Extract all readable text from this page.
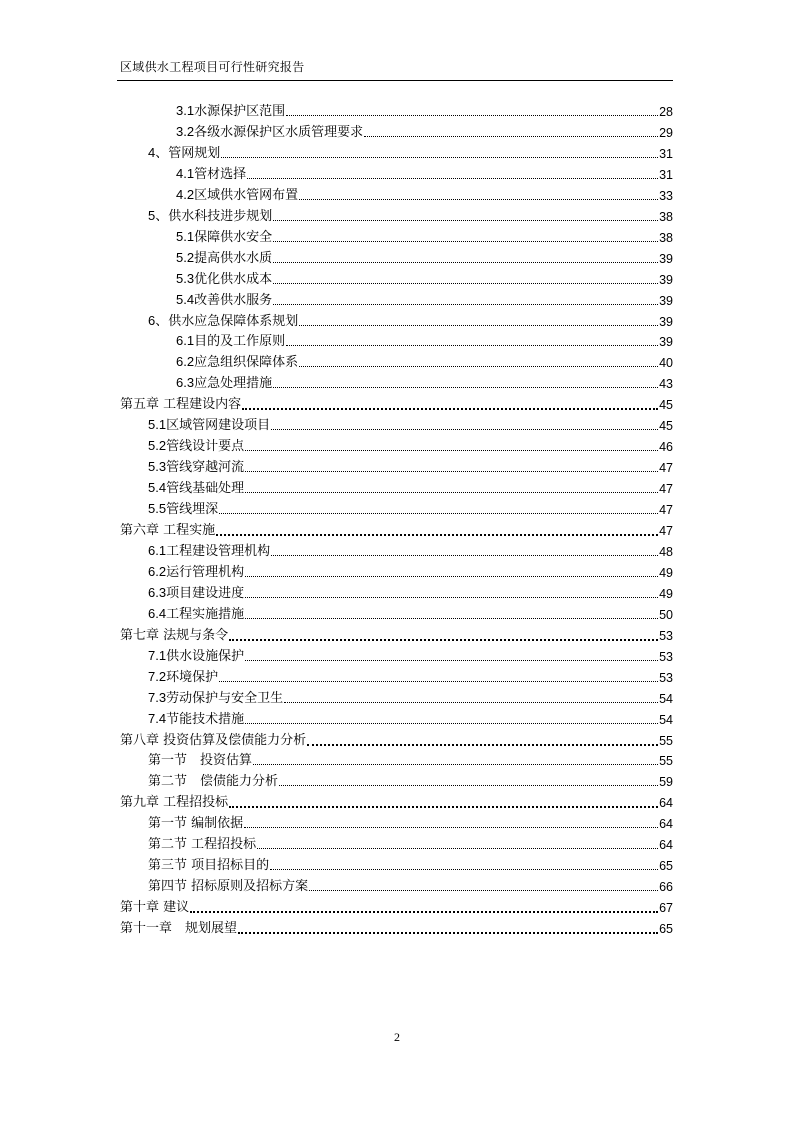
区域供水工程项目可行性研究报告
3.1水源保护区范围	28
3.2各级水源保护区水质管理要求	29
4、管网规划	31
4.1管材选择	31
4.2区域供水管网布置	33
5、供水科技进步规划	38
5.1保障供水安全	38
5.2提高供水水质	39
5.3优化供水成本	39
5.4改善供水服务	39
6、供水应急保障体系规划	39
6.1目的及工作原则	39
6.2应急组织保障体系	40
6.3应急处理措施	43
第五章 工程建设内容	45
5.1区域管网建设项目	45
5.2管线设计要点	46
5.3管线穿越河流	47
5.4管线基础处理	47
5.5管线埋深	47
第六章 工程实施	47
6.1工程建设管理机构	48
6.2运行管理机构	49
6.3项目建设进度	49
6.4工程实施措施	50
第七章 法规与条令	53
7.1供水设施保护	53
7.2环境保护	53
7.3劳动保护与安全卫生	54
7.4节能技术措施	54
第八章 投资估算及偿债能力分析	55
第一节　投资估算	55
第二节　偿债能力分析	59
第九章 工程招投标	64
第一节 编制依据	64
第二节 工程招投标	64
第三节 项目招标目的	65
第四节 招标原则及招标方案	66
第十章 建议	67
第十一章　规划展望	65
2
